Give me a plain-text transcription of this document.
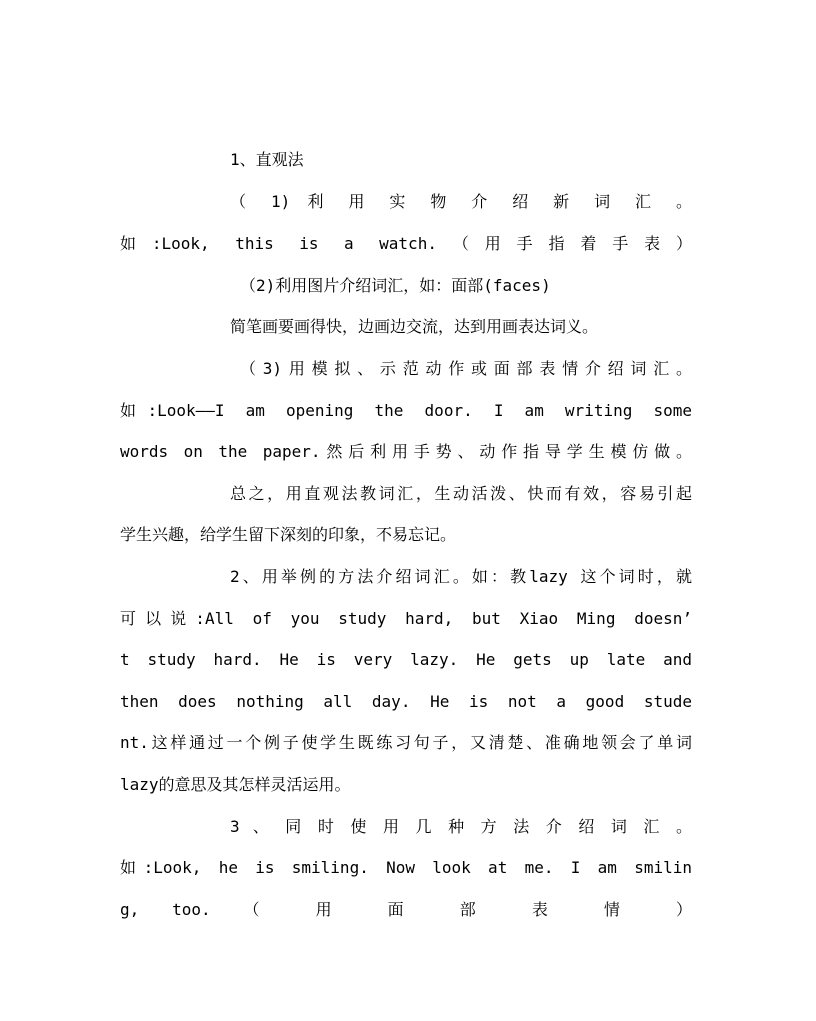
1、直观法
（ 1) 利 用 实 物 介 绍 新 词 汇 。
如:Look, this is a watch.（用手指着手表）
（2)利用图片介绍词汇，如：面部(faces)
简笔画要画得快，边画边交流，达到用画表达词义。
（3)用模拟、示范动作或面部表情介绍词汇。
如:Look——I am opening the door. I am writing some
words on the paper.然后利用手势、动作指导学生模仿做。
总之，用直观法教词汇，生动活泼、快而有效，容易引起
学生兴趣，给学生留下深刻的印象，不易忘记。
2、用举例的方法介绍词汇。如：教lazy 这个词时，就
可以说:All of you study hard, but Xiao Ming doesn’
t study hard. He is very lazy. He gets up late and
then does nothing all day. He is not a good stude
nt.这样通过一个例子使学生既练习句子，又清楚、准确地领会了单词
lazy的意思及其怎样灵活运用。
3 、 同 时 使 用 几 种 方 法 介 绍 词 汇 。
如:Look, he is smiling. Now look at me. I am smilin
g, too. （ 用 面 部 表 情 ）
